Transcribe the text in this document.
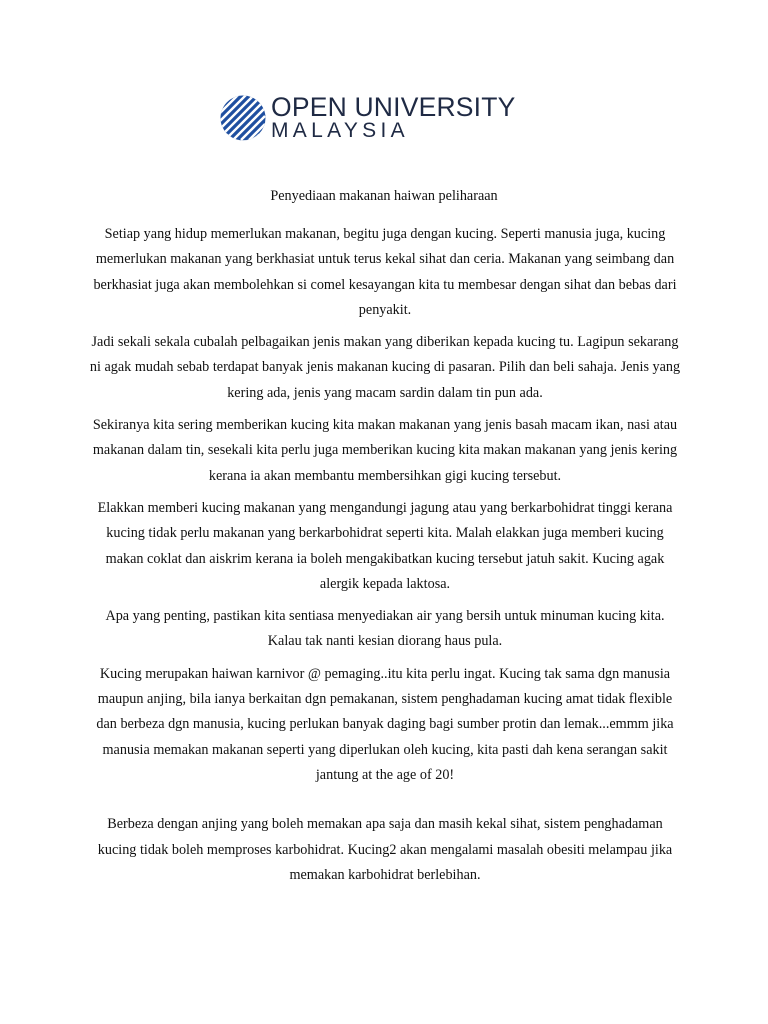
OPEN UNIVERSITY
MALAYSIA
Penyediaan makanan haiwan peliharaan

Setiap yang hidup memerlukan makanan, begitu juga dengan kucing. Seperti manusia juga, kucing memerlukan makanan yang berkhasiat untuk terus kekal sihat dan ceria. Makanan yang seimbang dan berkhasiat juga akan membolehkan si comel kesayangan kita tu membesar dengan sihat dan bebas dari penyakit.

Jadi sekali sekala cubalah pelbagaikan jenis makan yang diberikan kepada kucing tu. Lagipun sekarang ni agak mudah sebab terdapat banyak jenis makanan kucing di pasaran. Pilih dan beli sahaja. Jenis yang kering ada, jenis yang macam sardin dalam tin pun ada.

Sekiranya kita sering memberikan kucing kita makan makanan yang jenis basah macam ikan, nasi atau makanan dalam tin, sesekali kita perlu juga memberikan kucing kita makan makanan yang jenis kering kerana ia akan membantu membersihkan gigi kucing tersebut.

Elakkan memberi kucing makanan yang mengandungi jagung atau yang berkarbohidrat tinggi kerana kucing tidak perlu makanan yang berkarbohidrat seperti kita. Malah elakkan juga memberi kucing makan coklat dan aiskrim kerana ia boleh mengakibatkan kucing tersebut jatuh sakit. Kucing agak alergik kepada laktosa.

Apa yang penting, pastikan kita sentiasa menyediakan air yang bersih untuk minuman kucing kita. Kalau tak nanti kesian diorang haus pula.

Kucing merupakan haiwan karnivor @ pemaging..itu kita perlu ingat. Kucing tak sama dgn manusia maupun anjing, bila ianya berkaitan dgn pemakanan, sistem penghadaman kucing amat tidak flexible dan berbeza dgn manusia, kucing perlukan banyak daging bagi sumber protin dan lemak...emmm jika manusia memakan makanan seperti yang diperlukan oleh kucing, kita pasti dah kena serangan sakit jantung at the age of 20!

Berbeza dengan anjing yang boleh memakan apa saja dan masih kekal sihat, sistem penghadaman kucing tidak boleh memproses karbohidrat. Kucing2 akan mengalami masalah obesiti melampau jika memakan karbohidrat berlebihan.
